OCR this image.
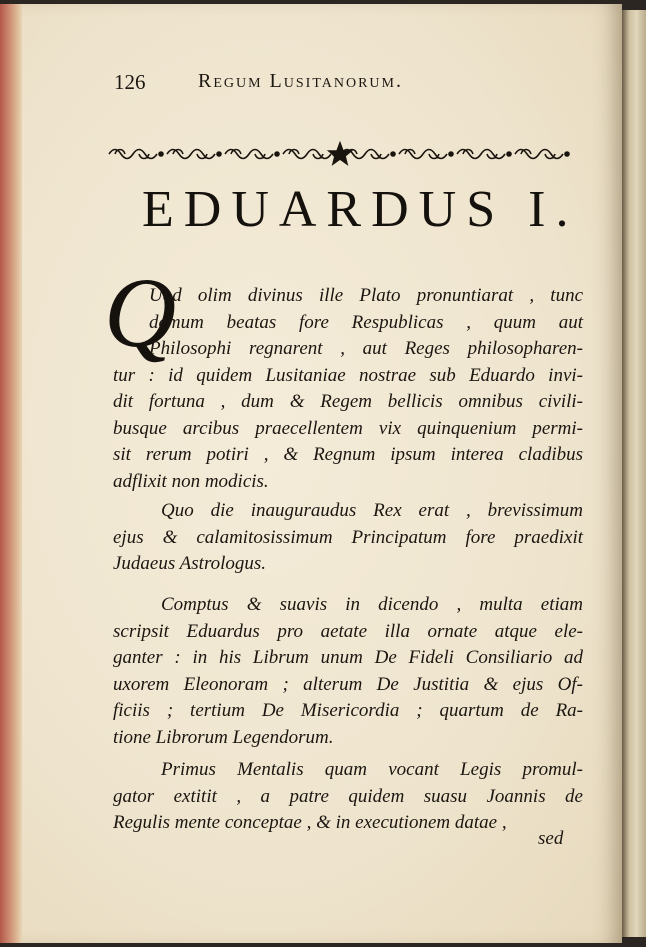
126	Regum Lusitanorum.
EDUARDUS I.
Q
Uod olim divinus ille Plato pronuntiarat , tunc
demum beatas fore Respublicas , quum aut
Philosophi regnarent , aut Reges philosopharen-
tur : id quidem Lusitaniae nostrae sub Eduardo invi-
dit fortuna , dum & Regem bellicis omnibus civili-
busque arcibus praecellentem vix quinquenium permi-
sit rerum potiri , & Regnum ipsum interea cladibus
adflixit non modicis.
Quo die inauguraudus Rex erat , brevissimum
ejus & calamitosissimum Principatum fore praedixit
Judaeus Astrologus.
Comptus & suavis in dicendo , multa etiam
scripsit Eduardus pro aetate illa ornate atque ele-
ganter : in his Librum unum De Fideli Consiliario ad
uxorem Eleonoram ; alterum De Justitia & ejus Of-
ficiis ; tertium De Misericordia ; quartum de Ra-
tione Librorum Legendorum.
Primus Mentalis quam vocant Legis promul-
gator extitit , a patre quidem suasu Joannis de
Regulis mente conceptae , & in executionem datae ,
sed
